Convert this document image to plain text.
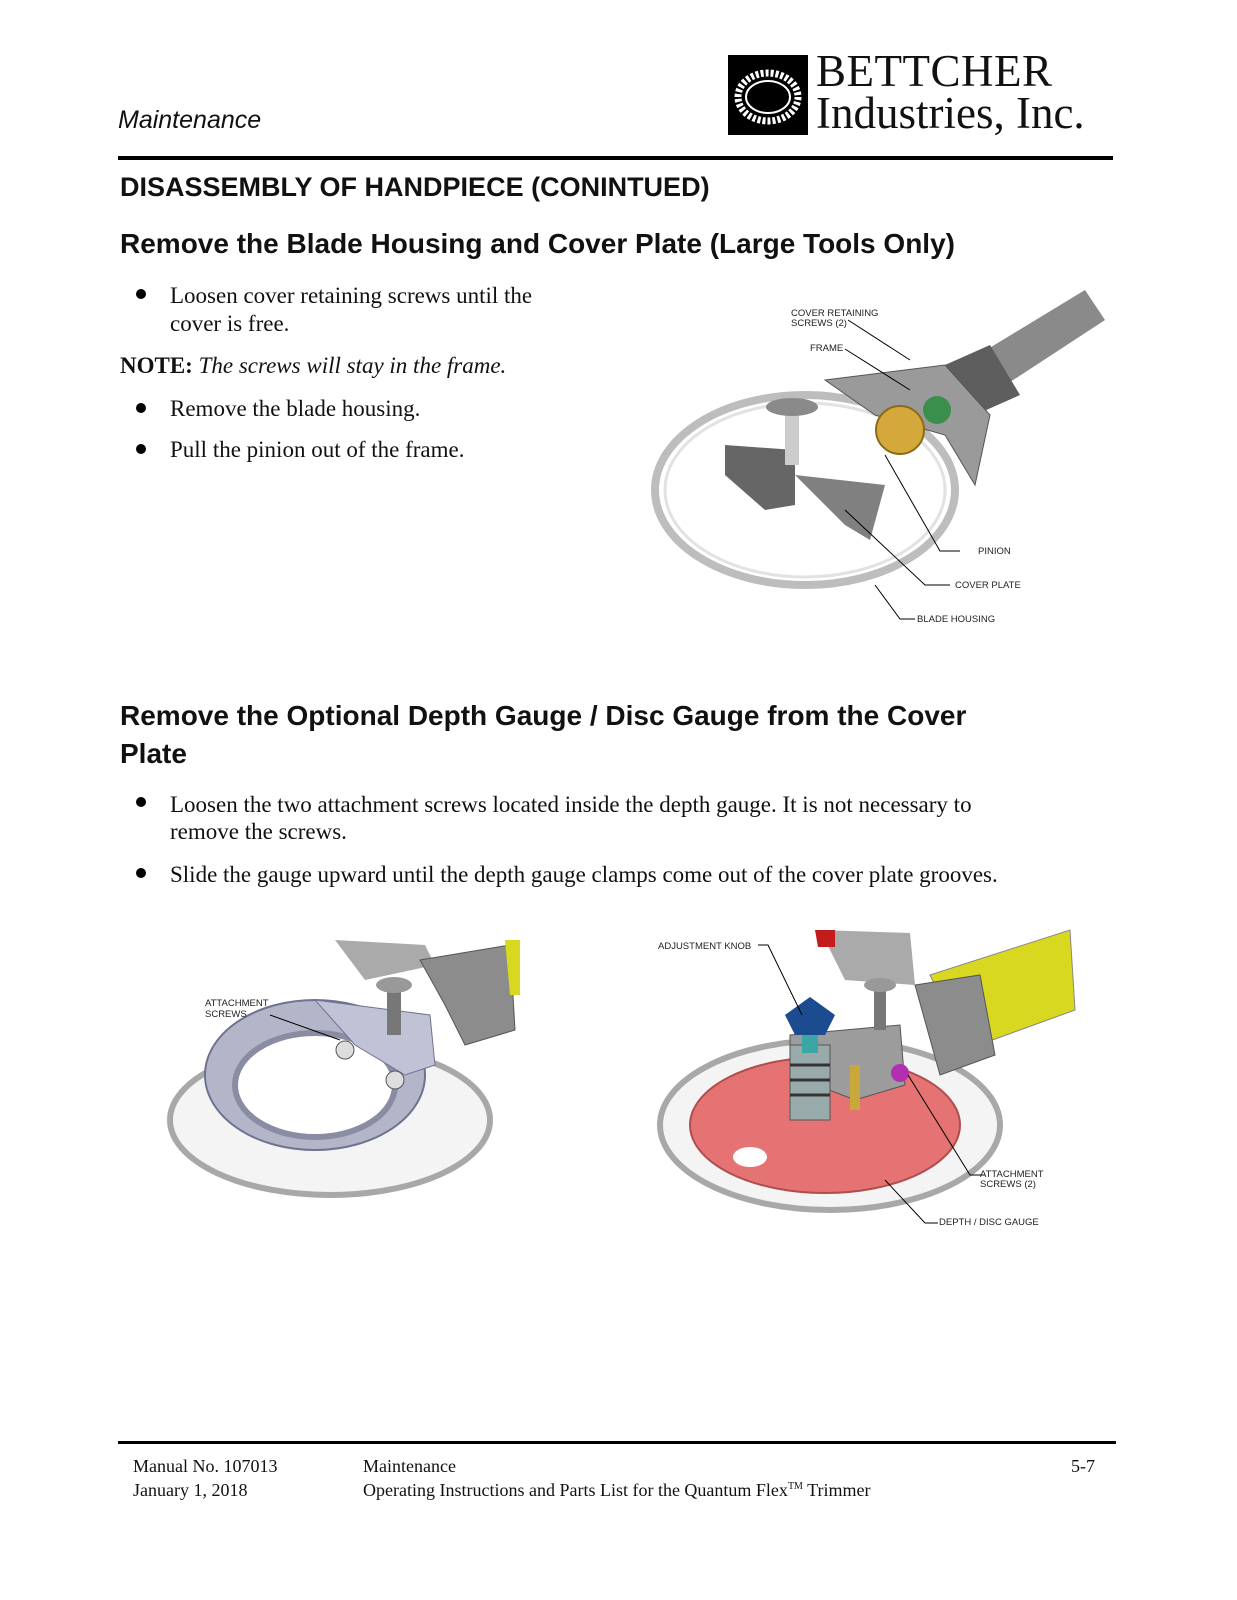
Maintenance
BETTCHER
Industries, Inc.
DISASSEMBLY OF HANDPIECE (CONINTUED)
Remove the Blade Housing and Cover Plate (Large Tools Only)
Loosen cover retaining screws until the
cover is free.
NOTE: The screws will stay in the frame.
Remove the blade housing.
Pull the pinion out of the frame.
COVER RETAINING
SCREWS (2)
FRAME
PINION
COVER PLATE
BLADE HOUSING
Remove the Optional Depth Gauge / Disc Gauge from the Cover
Plate
Loosen the two attachment screws located inside the depth gauge. It is not necessary to
remove the screws.
Slide the gauge upward until the depth gauge clamps come out of the cover plate grooves.
ATTACHMENT
SCREWS
ADJUSTMENT KNOB
ATTACHMENT
SCREWS (2)
DEPTH / DISC GAUGE
Manual No. 107013
January 1, 2018
Maintenance
Operating Instructions and Parts List for the Quantum Flex™ Trimmer
5-7
